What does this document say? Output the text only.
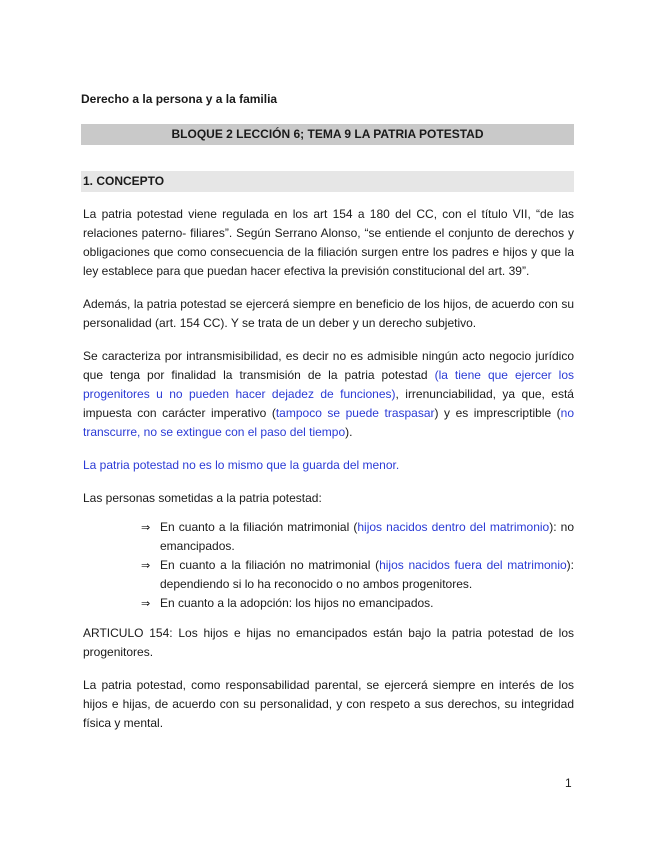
Derecho a la persona y a la familia

BLOQUE 2 LECCIÓN 6; TEMA 9 LA PATRIA POTESTAD

1. CONCEPTO

La patria potestad viene regulada en los art 154 a 180 del CC, con el título VII, “de las relaciones paterno- filiares”. Según Serrano Alonso, “se entiende el conjunto de derechos y obligaciones que como consecuencia de la filiación surgen entre los padres e hijos y que la ley establece para que puedan hacer efectiva la previsión constitucional del art. 39”.

Además, la patria potestad se ejercerá siempre en beneficio de los hijos, de acuerdo con su personalidad (art. 154 CC). Y se trata de un deber y un derecho subjetivo.

Se caracteriza por intransmisibilidad, es decir no es admisible ningún acto negocio jurídico que tenga por finalidad la transmisión de la patria potestad (la tiene que ejercer los progenitores u no pueden hacer dejadez de funciones), irrenunciabilidad, ya que, está impuesta con carácter imperativo (tampoco se puede traspasar) y es imprescriptible (no transcurre, no se extingue con el paso del tiempo).

La patria potestad no es lo mismo que la guarda del menor.

Las personas sometidas a la patria potestad:

⇒ En cuanto a la filiación matrimonial (hijos nacidos dentro del matrimonio): no emancipados.
⇒ En cuanto a la filiación no matrimonial (hijos nacidos fuera del matrimonio): dependiendo si lo ha reconocido o no ambos progenitores.
⇒ En cuanto a la adopción: los hijos no emancipados.

ARTICULO 154: Los hijos e hijas no emancipados están bajo la patria potestad de los progenitores.

La patria potestad, como responsabilidad parental, se ejercerá siempre en interés de los hijos e hijas, de acuerdo con su personalidad, y con respeto a sus derechos, su integridad física y mental.

1
